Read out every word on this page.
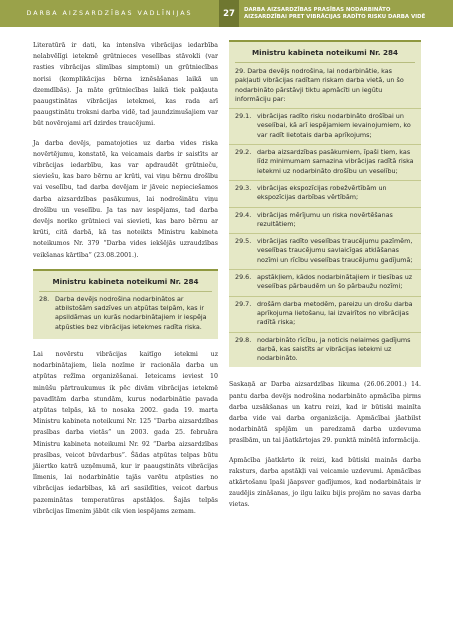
DARBA AIZSARDZĪBAS VADLĪNIJAS	27	DARBA AIZSARDZĪBAS PRASĪBAS NODARBINĀTO
AIZSARDZĪBAI PRET VIBRĀCIJAS RADĪTO RISKU DARBA VIDĒ

Literatūrā ir dati, ka intensīva vibrācijas iedarbība nelabvēlīgi ietekmē grūtnieces veselības stāvokli (var rasties vibrācijas slimības simptomi) un grūtniecības norisi (komplikācijas bērna iznēsāšanas laikā un dzemdībās). Ja māte grūtniecības laikā tiek pakļauta paaugstinātas vibrācijas ietekmei, kas rada arī paaugstinātu troksni darba vidē, tad jaundzimušajiem var būt novērojami arī dzirdes traucējumi.

Ja darba devējs, pamatojoties uz darba vides riska novērtējumu, konstatē, ka veicamais darbs ir saistīts ar vibrācijas iedarbību, kas var apdraudēt grūtnieču, sieviešu, kas baro bērnu ar krūti, vai viņu bērnu drošību vai veselību, tad darba devējam ir jāveic nepieciešamos darba aizsardzības pasākumus, lai nodrošinātu viņu drošību un veselību. Ja tas nav iespējams, tad darba devējs noriko grūtnieci vai sievieti, kas baro bērnu ar krūti, citā darbā, kā tas noteikts Ministru kabineta noteikumos Nr. 379 “Darba vides iekšējās uzraudzības veikšanas kārtība” (23.08.2001.).

Ministru kabineta noteikumi Nr. 284
28. Darba devējs nodrošina nodarbinātos ar atbilstošām sadzīves un atpūtas telpām, kas ir apsildāmas un kurās nodarbinātajiem ir iespēja atpūsties bez vibrācijas ietekmes radīta riska.

Lai novērstu vibrācijas kaitīgo ietekmi uz nodarbinātajiem, liela nozīme ir racionāla darba un atpūtas režīma organizēšanai. Ieteicams ieviest 10 minūšu pārtraukumus ik pēc divām vibrācijas ietekmē pavadītām darba stundām, kurus nodarbinātie pavada atpūtas telpās, kā to nosaka 2002. gada 19. marta Ministru kabineta noteikumi Nr. 125 “Darba aizsardzības prasības darba vietās” un 2003. gada 25. februāra Ministru kabineta noteikumi Nr. 92 “Darba aizsardzības prasības, veicot būvdarbus”. Šādas atpūtas telpas būtu jāiertko katrā uzņēmumā, kur ir paaugstināts vibrācijas līmenis, lai nodarbinātie tajās varētu atpūsties no vibrācijas iedarbības, kā arī sasildīties, veicot darbus pazeminātas temperatūras apstākļos. Šajās telpās vibrācijas līmenim jābūt cik vien iespējams zemam.

Ministru kabineta noteikumi Nr. 284
29. Darba devējs nodrošina, lai nodarbinātie, kas pakļauti vibrācijas radītam riskam darba vietā, un šo nodarbināto pārstāvji tiktu apmācīti un iegūtu informāciju par:
29.1. vibrācijas radīto risku nodarbināto drošībai un veselībai, kā arī iespējamiem ievainojumiem, ko var radīt lietotais darba aprīkojums;
29.2. darba aizsardzības pasākumiem, īpaši tiem, kas līdz minimumam samazina vibrācijas radītā riska ietekmi uz nodarbināto drošību un veselību;
29.3. vibrācijas ekspozīcijas robežvērtībām un ekspozīcijas darbības vērtībām;
29.4. vibrācijas mērījumu un riska novērtēšanas rezultātiem;
29.5. vibrācijas radīto veselības traucējumu pazīmēm, veselības traucējumu savlaicīgas atklāšanas nozīmi un rīcību veselības traucējumu gadījumā;
29.6. apstākļiem, kādos nodarbinātajiem ir tiesības uz veselības pārbaudēm un šo pārbaužu nozīmi;
29.7. drošām darba metodēm, pareizu un drošu darba aprīkojuma lietošanu, lai izvairītos no vibrācijas radītā riska;
29.8. nodarbināto rīcību, ja noticis nelaimes gadījums darbā, kas saistīts ar vibrācijas ietekmi uz nodarbināto.

Saskaņā ar Darba aizsardzības likuma (26.06.2001.) 14. pantu darba devējs nodrošina nodarbināto apmācība pirms darba uzsākšanas un katru reizi, kad ir būtiski mainīta darba vide vai darba organizācija. Apmācībai jāatbilst nodarbinātā spējām un paredzamā darba uzdevuma prasībām, un tai jāatkārtojas 29. punktā minētā informācija.

Apmācība jāatkārto ik reizi, kad būtiski mainās darba raksturs, darba apstākļi vai veicamie uzdevumi. Apmācības atkārtošanu īpaši jāapsver gadījumos, kad nodarbinātais ir zaudējis zināšanas, jo ilgu laiku bijis projām no savas darba vietas.
